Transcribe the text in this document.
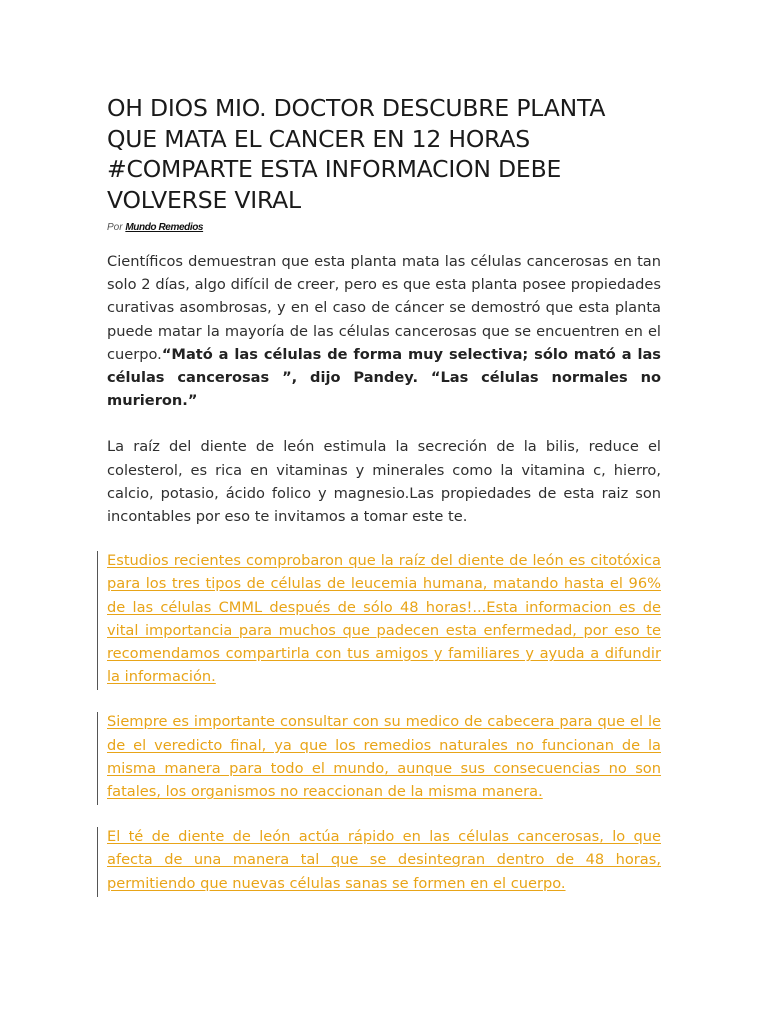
OH DIOS MIO. DOCTOR DESCUBRE PLANTA QUE MATA EL CANCER EN 12 HORAS #COMPARTE ESTA INFORMACION DEBE VOLVERSE VIRAL
Por Mundo Remedios

Científicos demuestran que esta planta mata las células cancerosas en tan solo 2 días, algo difícil de creer, pero es que esta planta posee propiedades curativas asombrosas, y en el caso de cáncer se demostró que esta planta puede matar la mayoría de las células cancerosas que se encuentren en el cuerpo.“Mató a las células de forma muy selectiva; sólo mató a las células cancerosas ”, dijo Pandey. “Las células normales no murieron.”

La raíz del diente de león estimula la secreción de la bilis, reduce el colesterol, es rica en vitaminas y minerales como la vitamina c, hierro, calcio, potasio, ácido folico y magnesio.Las propiedades de esta raiz son incontables por eso te invitamos a tomar este te.

Estudios recientes comprobaron que la raíz del diente de león es citotóxica para los tres tipos de células de leucemia humana, matando hasta el 96% de las células CMML después de sólo 48 horas!...Esta informacion es de vital importancia para muchos que padecen esta enfermedad, por eso te recomendamos compartirla con tus amigos y familiares y ayuda a difundir la información.
Siempre es importante consultar con su medico de cabecera para que el le de el veredicto final, ya que los remedios naturales no funcionan de la misma manera para todo el mundo, aunque sus consecuencias no son fatales, los organismos no reaccionan de la misma manera.
El té de diente de león actúa rápido en las células cancerosas, lo que afecta de una manera tal que se desintegran dentro de 48 horas, permitiendo que nuevas células sanas se formen en el cuerpo.
